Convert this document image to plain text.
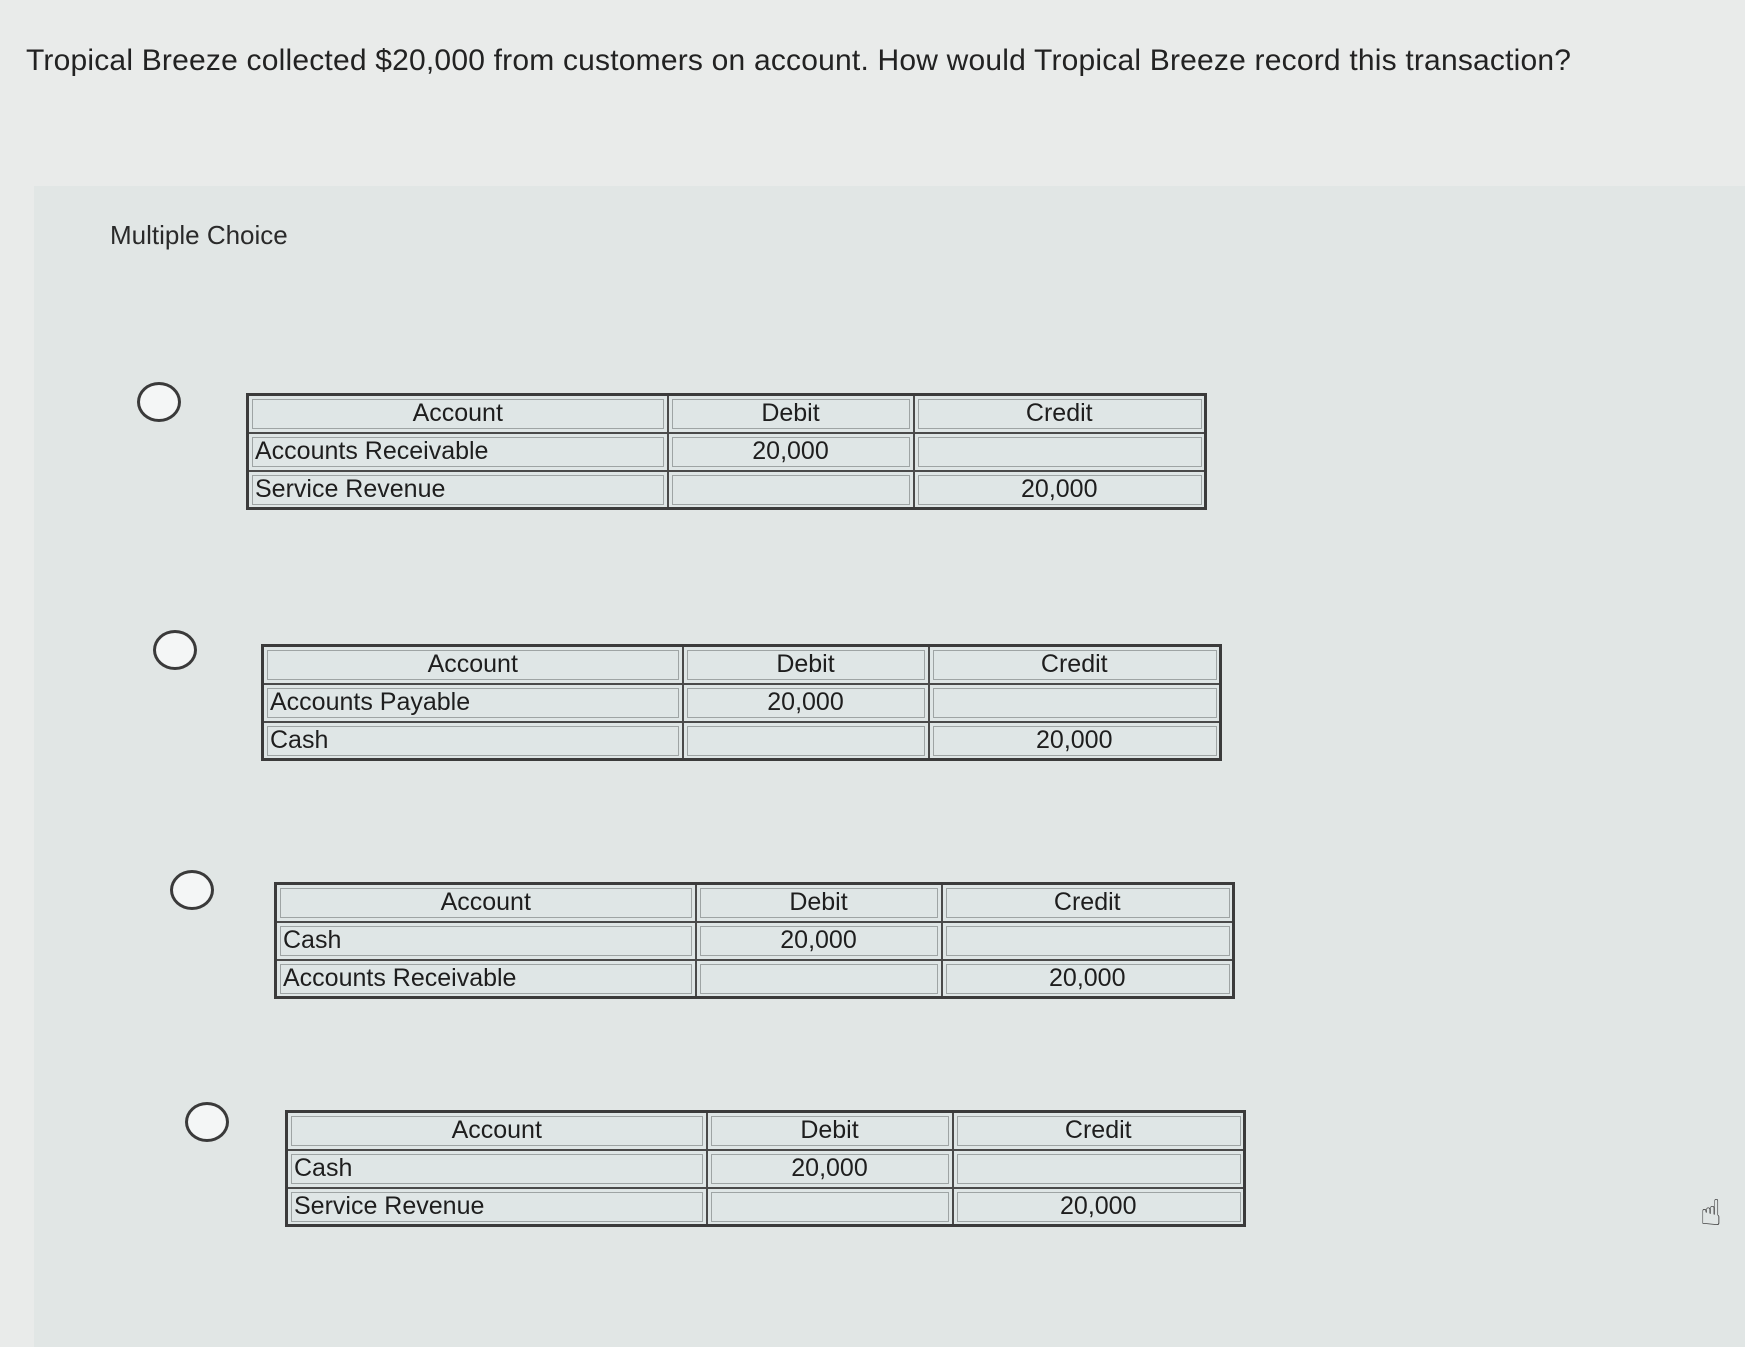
Tropical Breeze collected $20,000 from customers on account. How would Tropical Breeze record this transaction?
Multiple Choice
Account	Debit	Credit
Accounts Receivable	20,000	
Service Revenue		20,000
Account	Debit	Credit
Accounts Payable	20,000	
Cash		20,000
Account	Debit	Credit
Cash	20,000	
Accounts Receivable		20,000
Account	Debit	Credit
Cash	20,000	
Service Revenue		20,000	☝
